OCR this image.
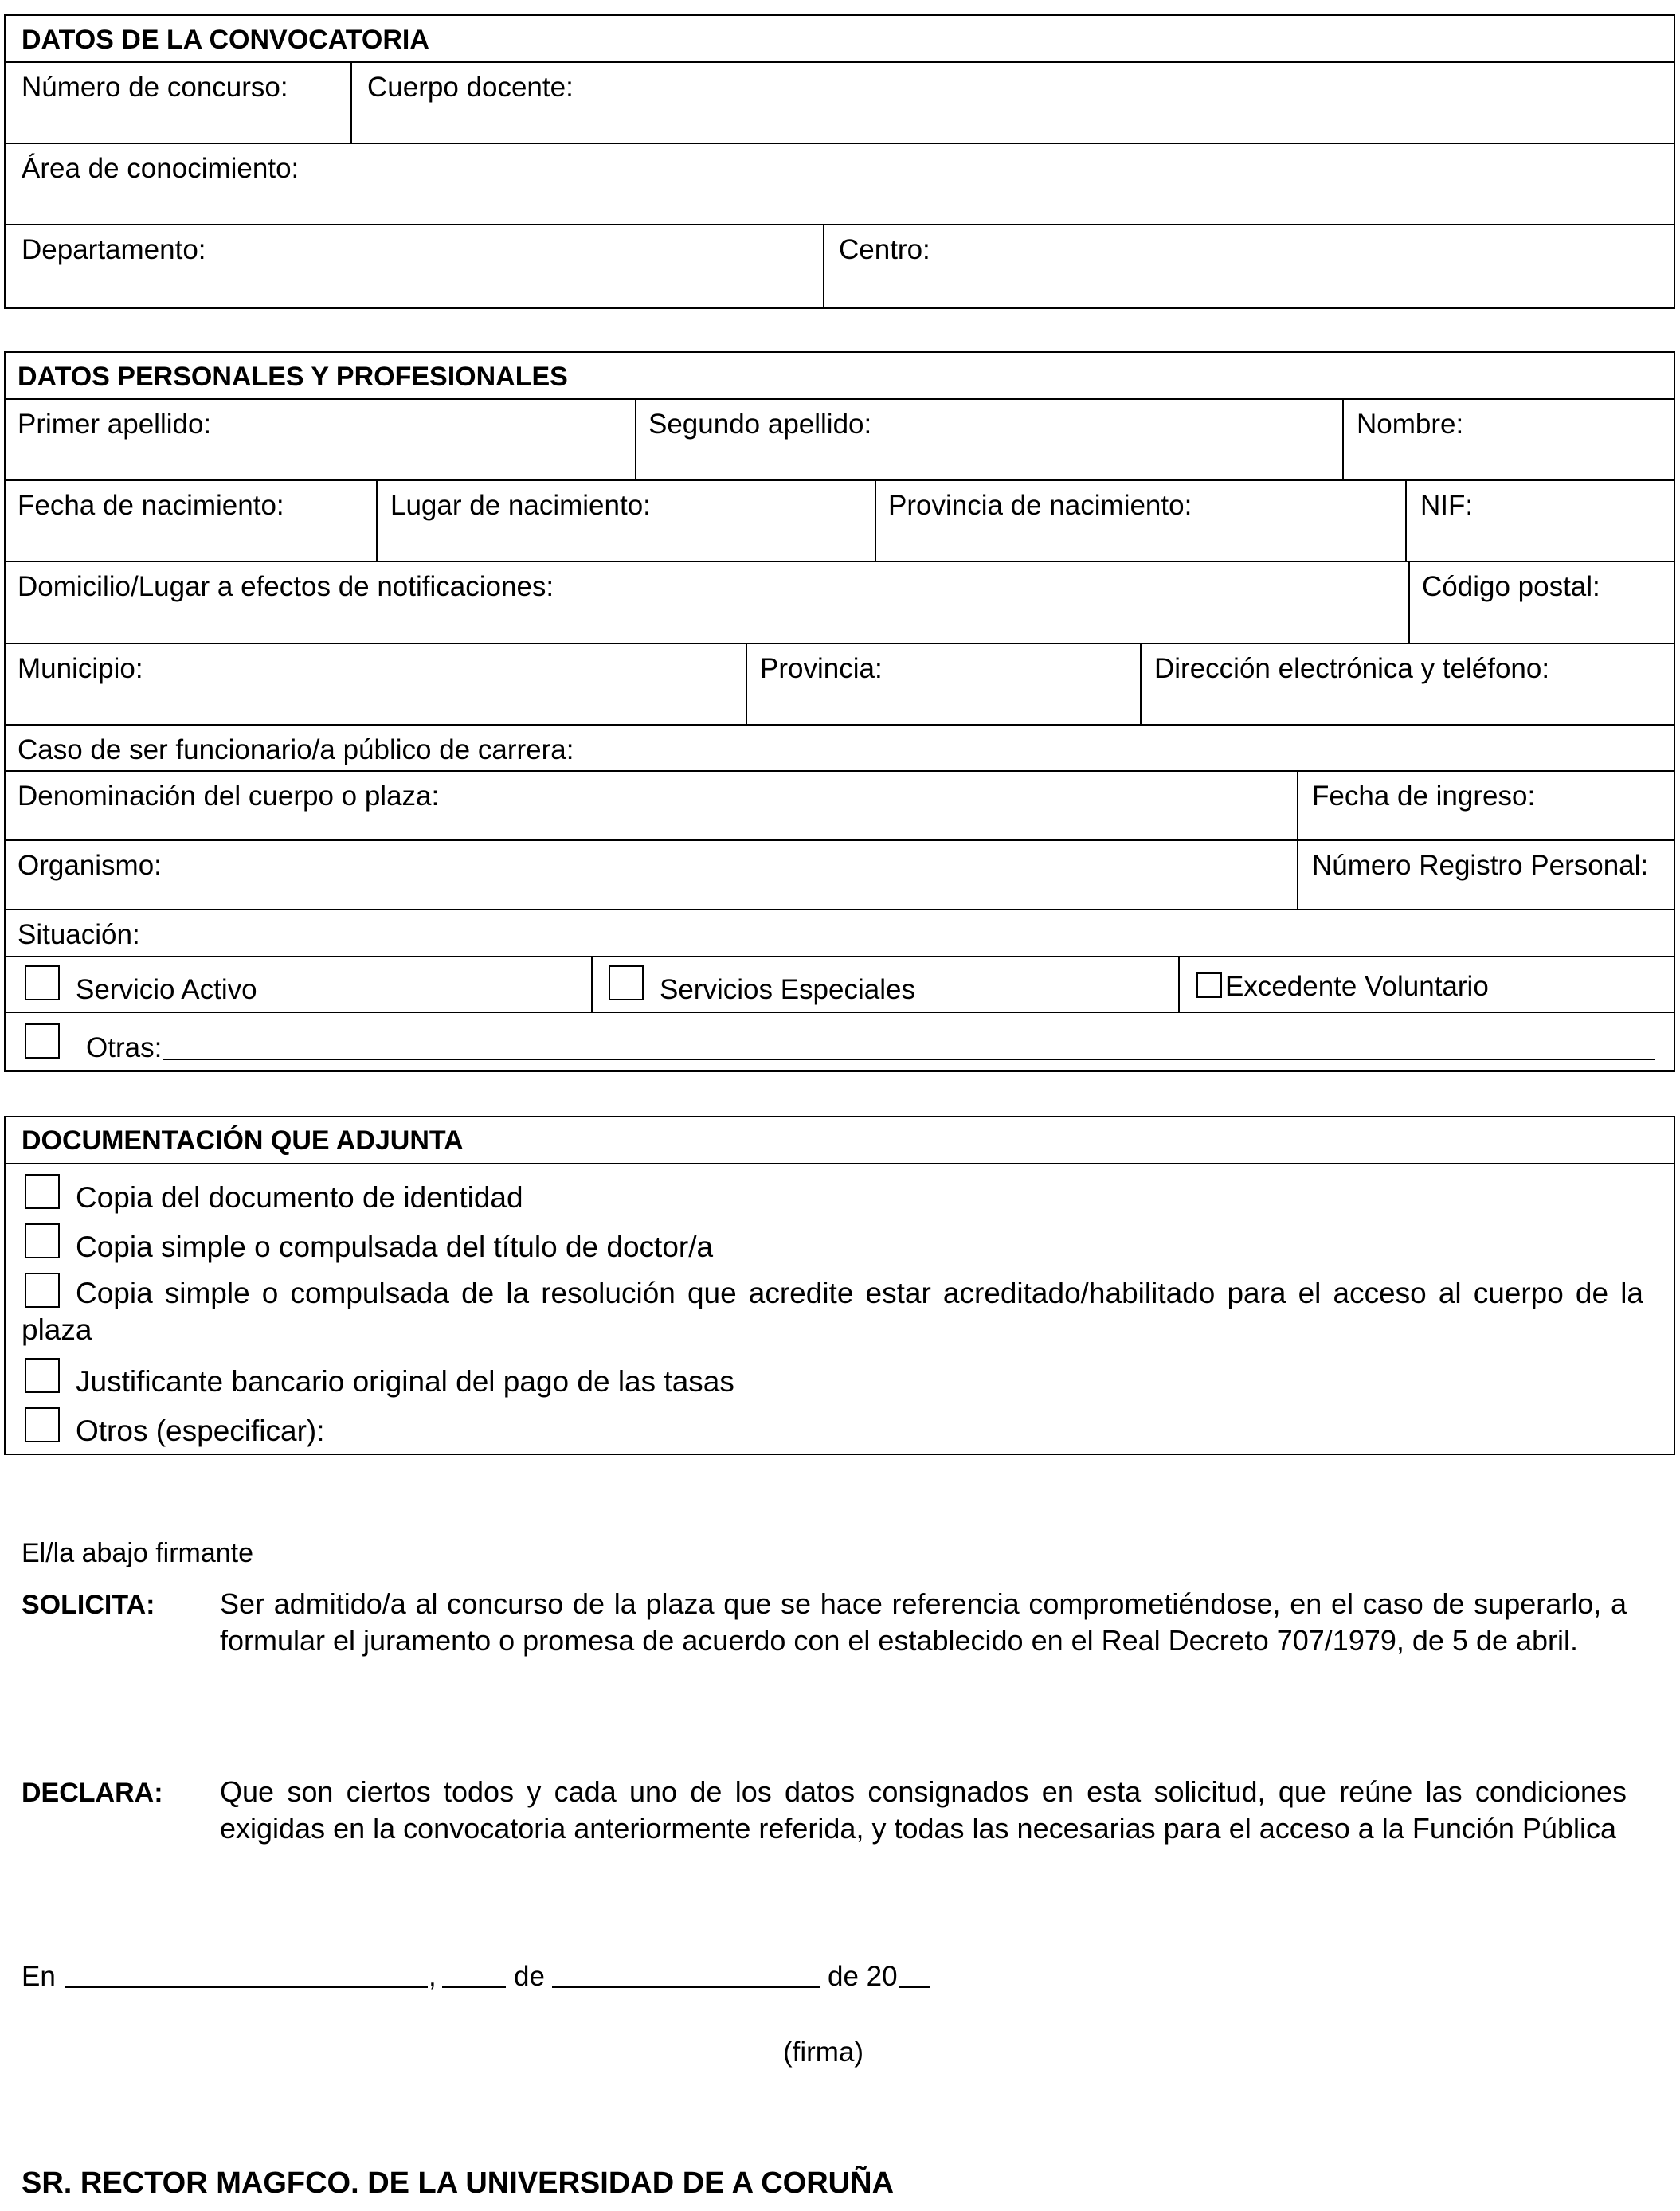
DATOS DE LA CONVOCATORIA
Número de concurso:	Cuerpo docente:
Área de conocimiento:
Departamento:	Centro:
DATOS PERSONALES Y PROFESIONALES
Primer apellido:	Segundo apellido:	Nombre:
Fecha de nacimiento:	Lugar de nacimiento:	Provincia de nacimiento:	NIF:
Domicilio/Lugar a efectos de notificaciones:	Código postal:
Municipio:	Provincia:	Dirección electrónica y teléfono:
Caso de ser funcionario/a público de carrera:
Denominación del cuerpo o plaza:	Fecha de ingreso:
Organismo:	Número Registro Personal:
Situación:
Servicio Activo	Servicios Especiales	Excedente Voluntario
Otras:
DOCUMENTACIÓN QUE ADJUNTA
Copia del documento de identidad
Copia simple o compulsada del título de doctor/a
Copia simple o compulsada de la resolución que acredite estar acreditado/habilitado para el acceso al cuerpo de la plaza
Justificante bancario original del pago de las tasas
Otros (especificar):
El/la abajo firmante
SOLICITA: Ser admitido/a al concurso de la plaza que se hace referencia comprometiéndose, en el caso de superarlo, a formular el juramento o promesa de acuerdo con el establecido en el Real Decreto 707/1979, de 5 de abril.
DECLARA: Que son ciertos todos y cada uno de los datos consignados en esta solicitud, que reúne las condiciones exigidas en la convocatoria anteriormente referida, y todas las necesarias para el acceso a la Función Pública
En	,	de	de 20
(firma)
SR. RECTOR MAGFCO. DE LA UNIVERSIDAD DE A CORUÑA
